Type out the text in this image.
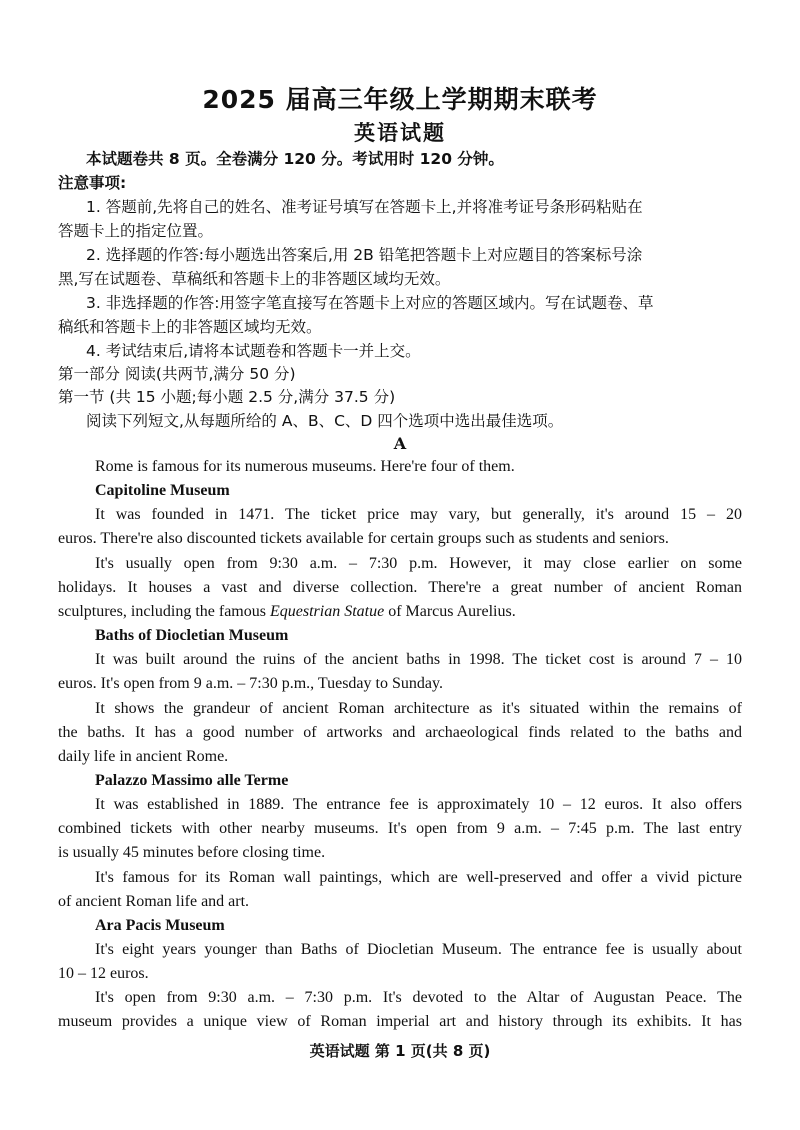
2025 届高三年级上学期期末联考
英语试题
本试题卷共 8 页。全卷满分 120 分。考试用时 120 分钟。
注意事项:
1. 答题前,先将自己的姓名、准考证号填写在答题卡上,并将准考证号条形码粘贴在
答题卡上的指定位置。
2. 选择题的作答:每小题选出答案后,用 2B 铅笔把答题卡上对应题目的答案标号涂
黑,写在试题卷、草稿纸和答题卡上的非答题区域均无效。
3. 非选择题的作答:用签字笔直接写在答题卡上对应的答题区域内。写在试题卷、草
稿纸和答题卡上的非答题区域均无效。
4. 考试结束后,请将本试题卷和答题卡一并上交。
第一部分 阅读(共两节,满分 50 分)
第一节 (共 15 小题;每小题 2.5 分,满分 37.5 分)
阅读下列短文,从每题所给的 A、B、C、D 四个选项中选出最佳选项。
A
Rome is famous for its numerous museums. Here're four of them.
Capitoline Museum
It was founded in 1471. The ticket price may vary, but generally, it's around 15 – 20
euros. There're also discounted tickets available for certain groups such as students and seniors.
It's usually open from 9:30 a.m. – 7:30 p.m. However, it may close earlier on some
holidays. It houses a vast and diverse collection. There're a great number of ancient Roman
sculptures, including the famous Equestrian Statue of Marcus Aurelius.
Baths of Diocletian Museum
It was built around the ruins of the ancient baths in 1998. The ticket cost is around 7 – 10
euros. It's open from 9 a.m. – 7:30 p.m., Tuesday to Sunday.
It shows the grandeur of ancient Roman architecture as it's situated within the remains of
the baths. It has a good number of artworks and archaeological finds related to the baths and
daily life in ancient Rome.
Palazzo Massimo alle Terme
It was established in 1889. The entrance fee is approximately 10 – 12 euros. It also offers
combined tickets with other nearby museums. It's open from 9 a.m. – 7:45 p.m. The last entry
is usually 45 minutes before closing time.
It's famous for its Roman wall paintings, which are well-preserved and offer a vivid picture
of ancient Roman life and art.
Ara Pacis Museum
It's eight years younger than Baths of Diocletian Museum. The entrance fee is usually about
10 – 12 euros.
It's open from 9:30 a.m. – 7:30 p.m. It's devoted to the Altar of Augustan Peace. The
museum provides a unique view of Roman imperial art and history through its exhibits. It has
英语试题 第 1 页(共 8 页)
